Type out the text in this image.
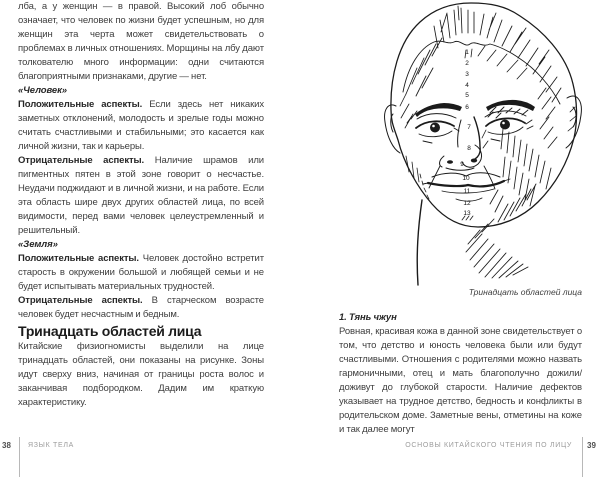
лба, а у женщин — в правой. Высокий лоб обычно означает, что человек по жизни будет успешным, но для женщин эта черта может свидетельствовать о проблемах в личных отношениях. Морщины на лбу дают толкователю много информации: одни считаются благоприятными признаками, другие — нет.

«Человек»

Положительные аспекты. Если здесь нет никаких заметных отклонений, молодость и зрелые годы можно считать счастливыми и стабильными; это касается как личной жизни, так и карьеры.

Отрицательные аспекты. Наличие шрамов или пигментных пятен в этой зоне говорит о несчастье. Неудачи поджидают и в личной жизни, и на работе. Если эта область шире двух других областей лица, по всей видимости, перед вами человек целеустремленный и решительный.

«Земля»

Положительные аспекты. Человек достойно встретит старость в окружении большой и любящей семьи и не будет испытывать материальных трудностей.

Отрицательные аспекты. В старческом возрасте человек будет несчастным и бедным.

Тринадцать областей лица

Китайские физиогномисты выделили на лице тринадцать областей, они показаны на рисунке. Зоны идут сверху вниз, начиная от границы роста волос и заканчивая подбородком. Дадим им краткую характеристику.

1
2
3
4
5
6
7
8
9
10
11
12
13
Тринадцать областей лица

1. Тянь чжун

Ровная, красивая кожа в данной зоне свидетельствует о том, что детство и юность человека были или будут счастливыми. Отношения с родителями можно назвать гармоничными, отец и мать благополучно дожили/доживут до глубокой старости. Наличие дефектов указывает на трудное детство, бедность и конфликты в родительском доме. Заметные вены, отметины на коже и так далее могут

38 ЯЗЫК ТЕЛА	ОСНОВЫ КИТАЙСКОГО ЧТЕНИЯ ПО ЛИЦУ 39
